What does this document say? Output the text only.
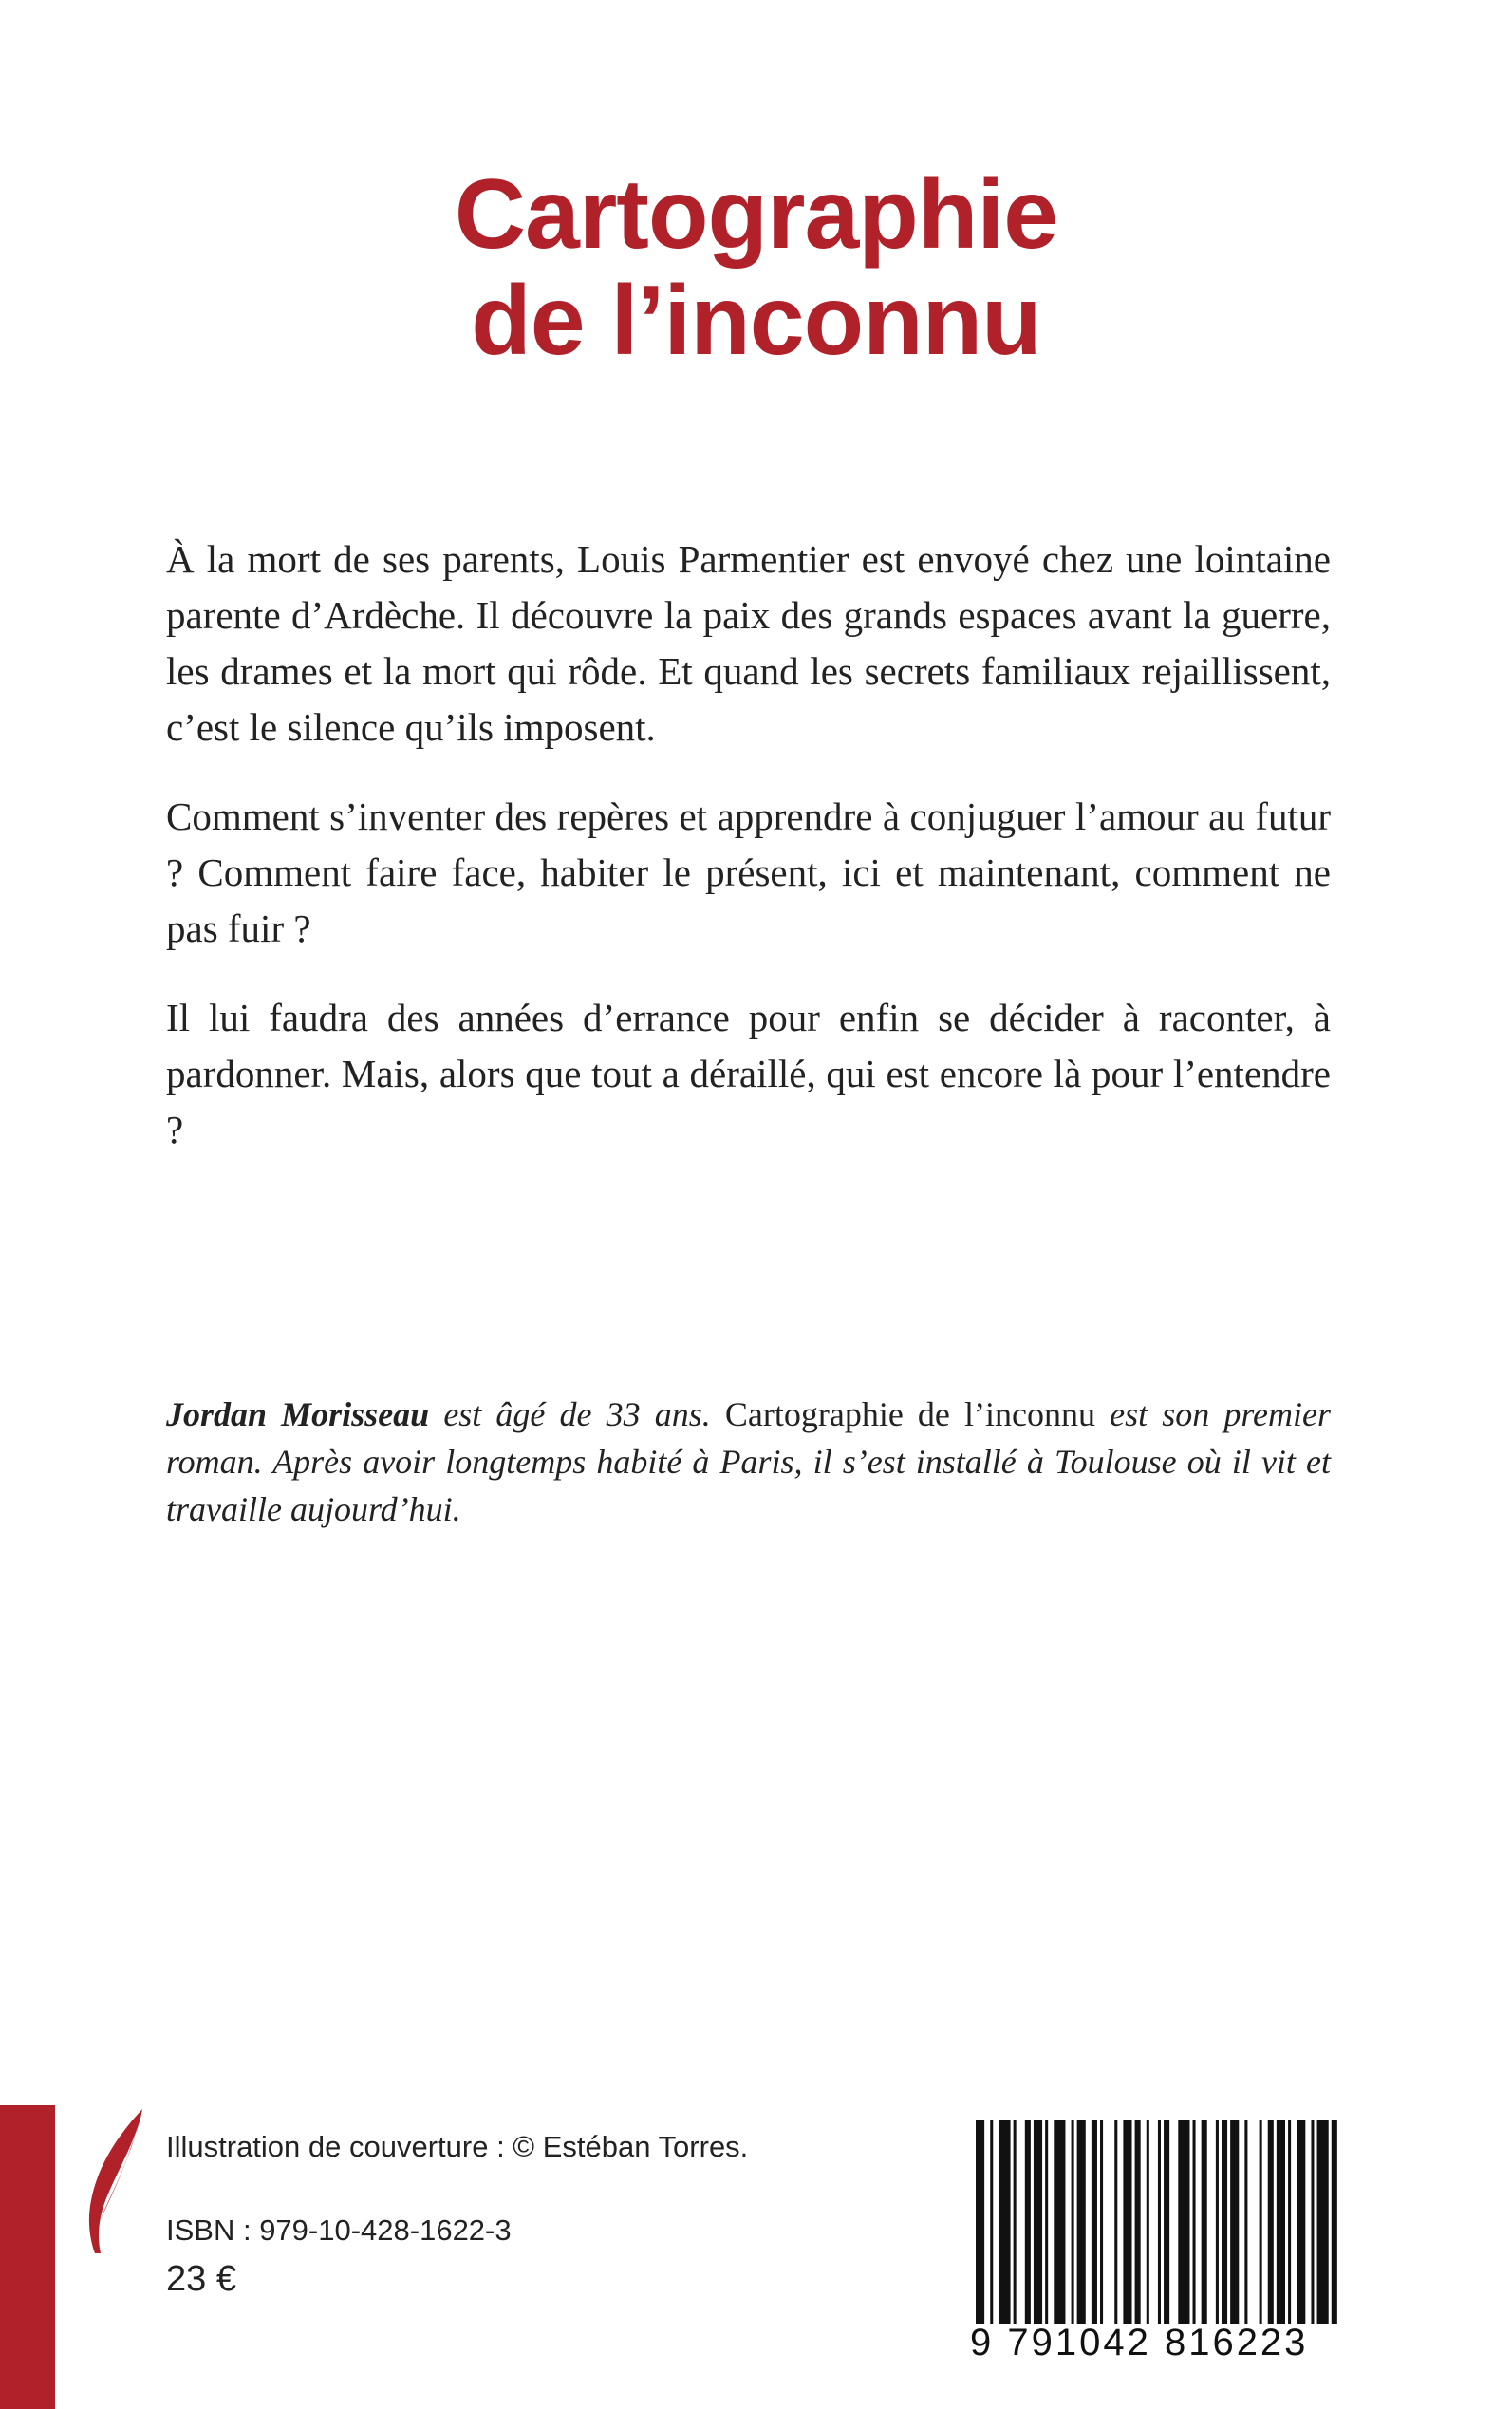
Cartographie
de l’inconnu

À la mort de ses parents, Louis Parmentier est envoyé chez une lointaine parente d’Ardèche. Il découvre la paix des grands espaces avant la guerre, les drames et la mort qui rôde. Et quand les secrets familiaux rejaillissent, c’est le silence qu’ils imposent.

Comment s’inventer des repères et apprendre à conjuguer l’amour au futur ? Comment faire face, habiter le présent, ici et maintenant, comment ne pas fuir ?

Il lui faudra des années d’errance pour enfin se décider à raconter, à pardonner. Mais, alors que tout a déraillé, qui est encore là pour l’entendre ?

Jordan Morisseau est âgé de 33 ans. Cartographie de l’inconnu est son premier roman. Après avoir longtemps habité à Paris, il s’est installé à Toulouse où il vit et travaille aujourd’hui.

Illustration de couverture : © Estéban Torres.
ISBN : 979-10-428-1622-3
23 €
9 791042 816223
